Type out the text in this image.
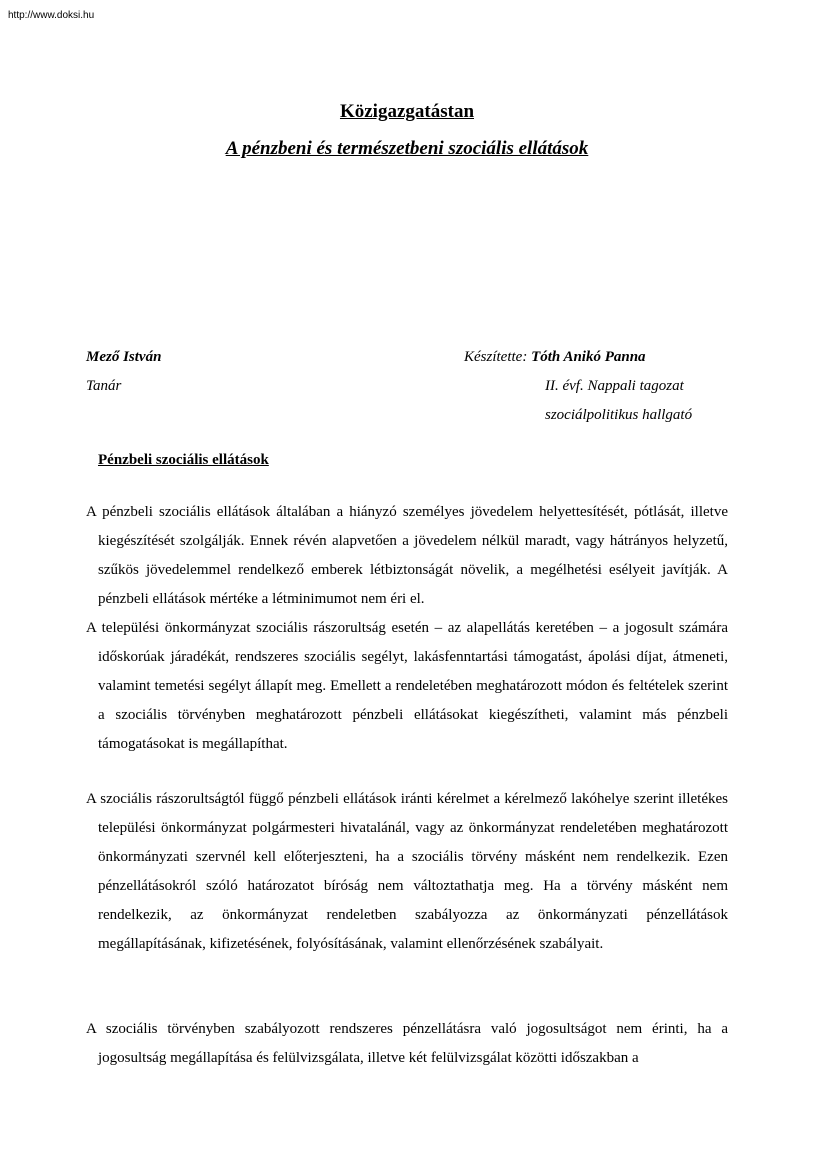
http://www.doksi.hu
Közigazgatástan
A pénzbeni és természetbeni szociális ellátások
Mező István
Tanár
Készítette: Tóth Anikó Panna
II. évf. Nappali tagozat
szociálpolitikus hallgató
Pénzbeli szociális ellátások

A pénzbeli szociális ellátások általában a hiányzó személyes jövedelem helyettesítését, pótlását, illetve kiegészítését szolgálják. Ennek révén alapvetően a jövedelem nélkül maradt, vagy hátrányos helyzetű, szűkös jövedelemmel rendelkező emberek létbiztonságát növelik, a megélhetési esélyeit javítják. A pénzbeli ellátások mértéke a létminimumot nem éri el.

A települési önkormányzat szociális rászorultság esetén – az alapellátás keretében – a jogosult számára időskorúak járadékát, rendszeres szociális segélyt, lakásfenntartási támogatást, ápolási díjat, átmeneti, valamint temetési segélyt állapít meg. Emellett a rendeletében meghatározott módon és feltételek szerint a szociális törvényben meghatározott pénzbeli ellátásokat kiegészítheti, valamint más pénzbeli támogatásokat is megállapíthat.

A szociális rászorultságtól függő pénzbeli ellátások iránti kérelmet a kérelmező lakóhelye szerint illetékes települési önkormányzat polgármesteri hivatalánál, vagy az önkormányzat rendeletében meghatározott önkormányzati szervnél kell előterjeszteni, ha a szociális törvény másként nem rendelkezik. Ezen pénzellátásokról szóló határozatot bíróság nem változtathatja meg. Ha a törvény másként nem rendelkezik, az önkormányzat rendeletben szabályozza az önkormányzati pénzellátások megállapításának, kifizetésének, folyósításának, valamint ellenőrzésének szabályait.

A szociális törvényben szabályozott rendszeres pénzellátásra való jogosultságot nem érinti, ha a jogosultság megállapítása és felülvizsgálata, illetve két felülvizsgálat közötti időszakban a
